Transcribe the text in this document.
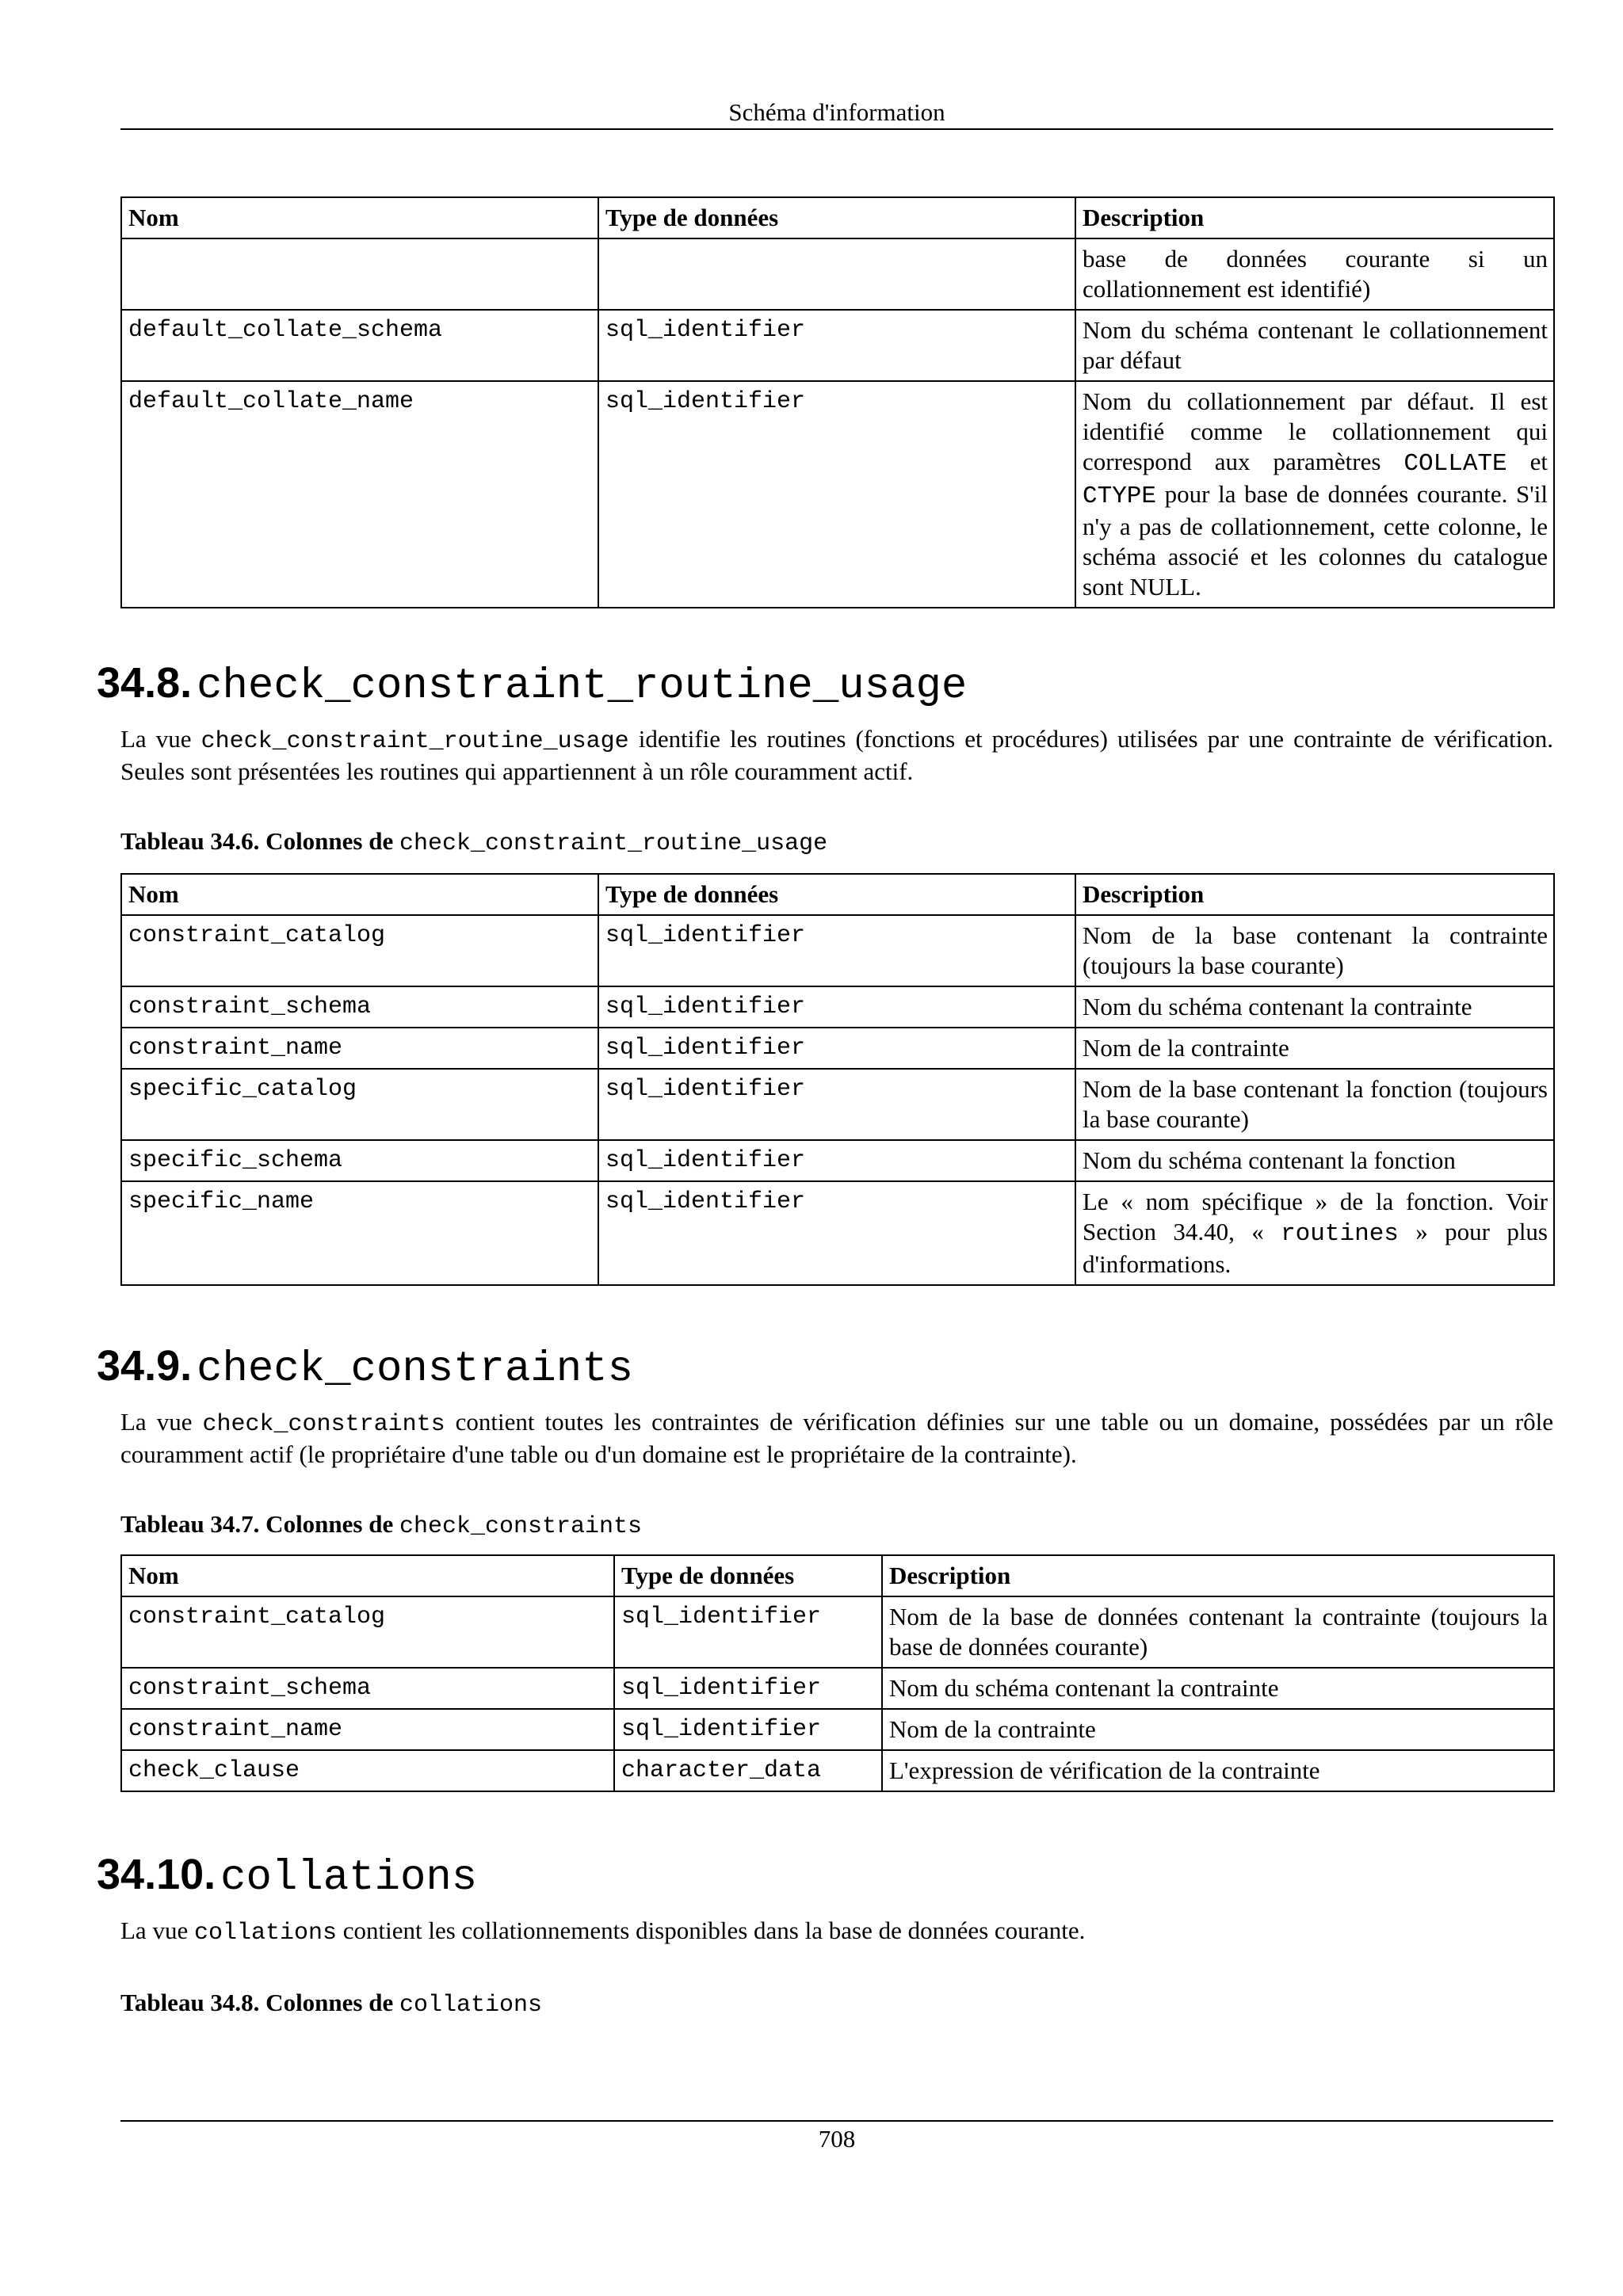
Schéma d'information
Nom	Type de données	Description
		base de données courante si un collationnement est identifié)
default_collate_schema	sql_identifier	Nom du schéma contenant le collationnement par défaut
default_collate_name	sql_identifier	Nom du collationnement par défaut. Il est identifié comme le collationnement qui correspond aux paramètres COLLATE et CTYPE pour la base de données courante. S'il n'y a pas de collationnement, cette colonne, le schéma associé et les colonnes du catalogue sont NULL.
34.8. check_constraint_routine_usage

La vue check_constraint_routine_usage identifie les routines (fonctions et procédures) utilisées par une contrainte de vérification. Seules sont présentées les routines qui appartiennent à un rôle couramment actif.

Tableau 34.6. Colonnes de check_constraint_routine_usage

Nom	Type de données	Description
constraint_catalog	sql_identifier	Nom de la base contenant la contrainte (toujours la base courante)
constraint_schema	sql_identifier	Nom du schéma contenant la contrainte
constraint_name	sql_identifier	Nom de la contrainte
specific_catalog	sql_identifier	Nom de la base contenant la fonction (toujours la base courante)
specific_schema	sql_identifier	Nom du schéma contenant la fonction
specific_name	sql_identifier	Le « nom spécifique » de la fonction. Voir Section 34.40, « routines » pour plus d'informations.
34.9. check_constraints

La vue check_constraints contient toutes les contraintes de vérification définies sur une table ou un domaine, possédées par un rôle couramment actif (le propriétaire d'une table ou d'un domaine est le propriétaire de la contrainte).

Tableau 34.7. Colonnes de check_constraints

Nom	Type de données	Description
constraint_catalog	sql_identifier	Nom de la base de données contenant la contrainte (toujours la base de données courante)
constraint_schema	sql_identifier	Nom du schéma contenant la contrainte
constraint_name	sql_identifier	Nom de la contrainte
check_clause	character_data	L'expression de vérification de la contrainte
34.10. collations

La vue collations contient les collationnements disponibles dans la base de données courante.

Tableau 34.8. Colonnes de collations

708
